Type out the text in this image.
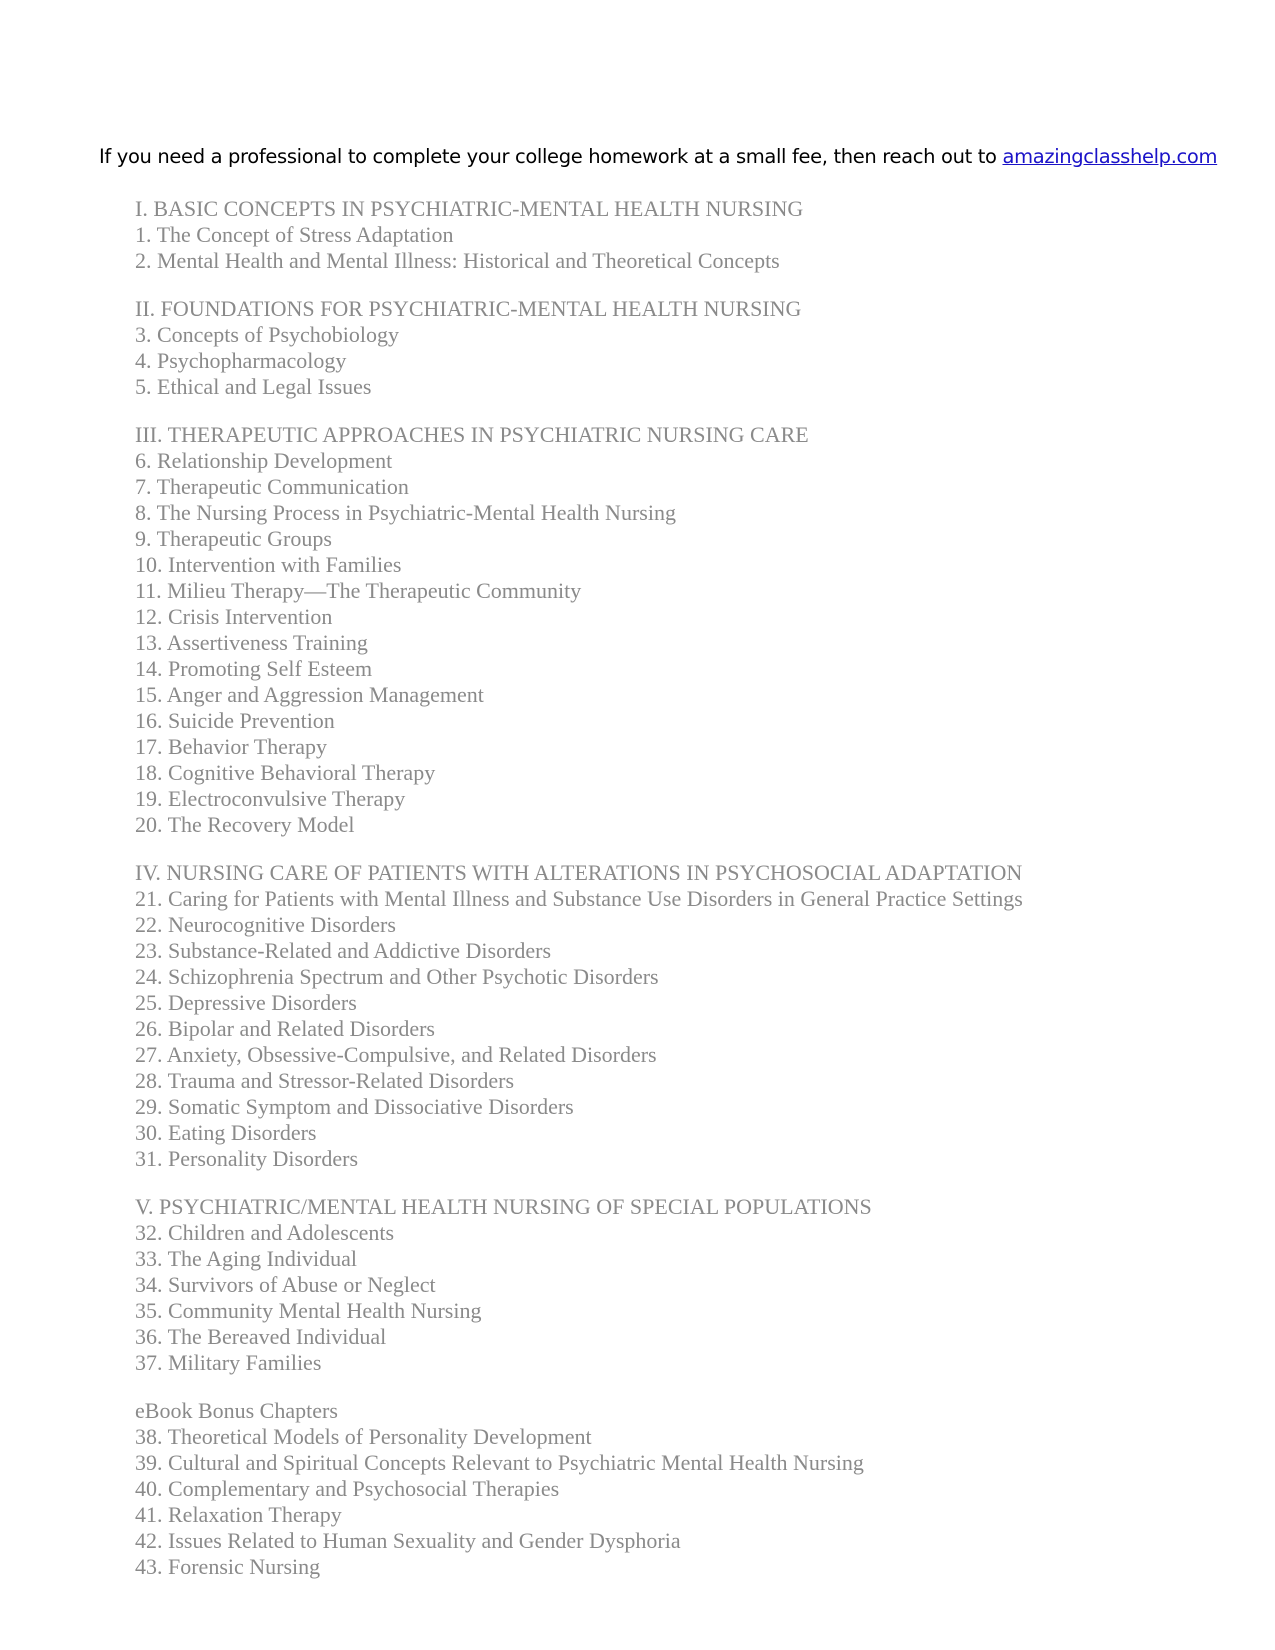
If you need a professional to complete your college homework at a small fee, then reach out to amazingclasshelp.com
I. BASIC CONCEPTS IN PSYCHIATRIC-MENTAL HEALTH NURSING
1. The Concept of Stress Adaptation
2. Mental Health and Mental Illness: Historical and Theoretical Concepts
II. FOUNDATIONS FOR PSYCHIATRIC-MENTAL HEALTH NURSING
3. Concepts of Psychobiology
4. Psychopharmacology
5. Ethical and Legal Issues
III. THERAPEUTIC APPROACHES IN PSYCHIATRIC NURSING CARE
6. Relationship Development
7. Therapeutic Communication
8. The Nursing Process in Psychiatric-Mental Health Nursing
9. Therapeutic Groups
10. Intervention with Families
11. Milieu Therapy—The Therapeutic Community
12. Crisis Intervention
13. Assertiveness Training
14. Promoting Self Esteem
15. Anger and Aggression Management
16. Suicide Prevention
17. Behavior Therapy
18. Cognitive Behavioral Therapy
19. Electroconvulsive Therapy
20. The Recovery Model
IV. NURSING CARE OF PATIENTS WITH ALTERATIONS IN PSYCHOSOCIAL ADAPTATION
21. Caring for Patients with Mental Illness and Substance Use Disorders in General Practice Settings
22. Neurocognitive Disorders
23. Substance-Related and Addictive Disorders
24. Schizophrenia Spectrum and Other Psychotic Disorders
25. Depressive Disorders
26. Bipolar and Related Disorders
27. Anxiety, Obsessive-Compulsive, and Related Disorders
28. Trauma and Stressor-Related Disorders
29. Somatic Symptom and Dissociative Disorders
30. Eating Disorders
31. Personality Disorders
V. PSYCHIATRIC/MENTAL HEALTH NURSING OF SPECIAL POPULATIONS
32. Children and Adolescents
33. The Aging Individual
34. Survivors of Abuse or Neglect
35. Community Mental Health Nursing
36. The Bereaved Individual
37. Military Families
eBook Bonus Chapters
38. Theoretical Models of Personality Development
39. Cultural and Spiritual Concepts Relevant to Psychiatric Mental Health Nursing
40. Complementary and Psychosocial Therapies
41. Relaxation Therapy
42. Issues Related to Human Sexuality and Gender Dysphoria
43. Forensic Nursing
